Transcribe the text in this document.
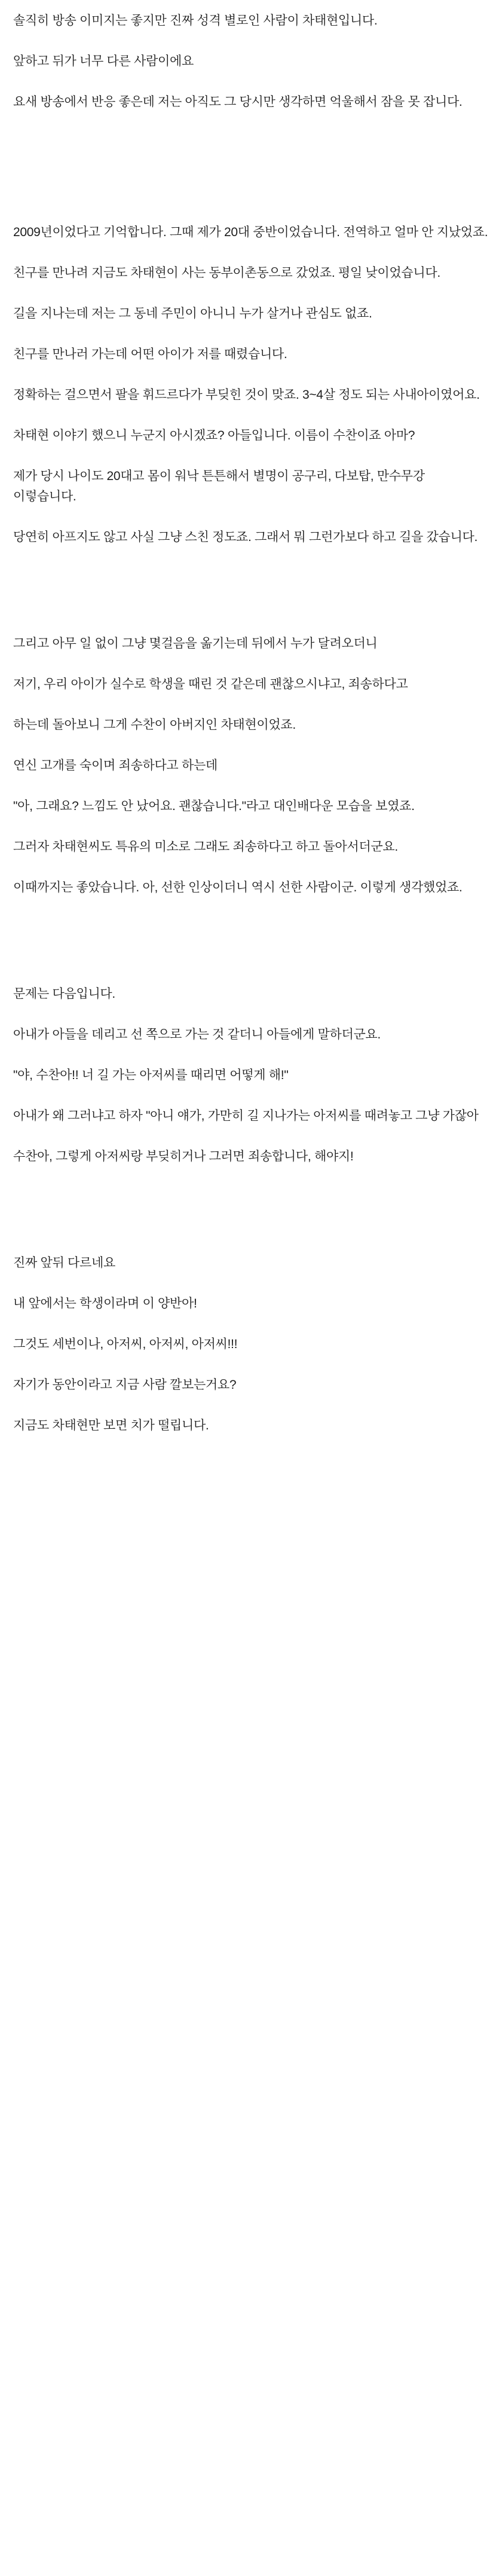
솔직히 방송 이미지는 좋지만 진짜 성격 별로인 사람이 차태현입니다.

앞하고 뒤가 너무 다른 사람이에요

요새 방송에서 반응 좋은데 저는 아직도 그 당시만 생각하면 억울해서 잠을 못 잡니다.

2009년이었다고 기억합니다. 그때 제가 20대 중반이었습니다. 전역하고 얼마 안 지났었죠.

친구를 만나려 지금도 차태현이 사는 동부이촌동으로 갔었죠. 평일 낮이었습니다.

길을 지나는데 저는 그 동네 주민이 아니니 누가 살거나 관심도 없죠.

친구를 만나러 가는데 어떤 아이가 저를 때렸습니다.

정확하는 걸으면서 팔을 휘드르다가 부딪힌 것이 맞죠. 3~4살 정도 되는 사내아이였어요.

차태현 이야기 했으니 누군지 아시겠죠? 아들입니다. 이름이 수찬이죠 아마?

제가 당시 나이도 20대고 몸이 워낙 튼튼해서 별명이 공구리, 다보탑, 만수무강 이렇습니다.

당연히 아프지도 않고 사실 그냥 스친 정도죠. 그래서 뭐 그런가보다 하고 길을 갔습니다.

그리고 아무 일 없이 그냥 몇걸음을 옮기는데 뒤에서 누가 달려오더니

저기, 우리 아이가 실수로 학생을 때린 것 같은데 괜찮으시냐고, 죄송하다고

하는데 돌아보니 그게 수찬이 아버지인 차태현이었죠.

연신 고개를 숙이며 죄송하다고 하는데

"아, 그래요? 느낌도 안 났어요. 괜찮습니다."라고 대인배다운 모습을 보였죠.

그러자 차태현씨도 특유의 미소로 그래도 죄송하다고 하고 돌아서더군요.

이때까지는 좋았습니다. 아, 선한 인상이더니 역시 선한 사람이군. 이렇게 생각했었죠.

문제는 다음입니다.

아내가 아들을 데리고 선 쪽으로 가는 것 같더니 아들에게 말하더군요.

"야, 수찬아!! 너 길 가는 아저씨를 때리면 어떻게 해!"

아내가 왜 그러냐고 하자 "아니 얘가, 가만히 길 지나가는 아저씨를 때려놓고 그냥 가잖아

수찬아, 그렇게 아저씨랑 부딪히거나 그러면 죄송합니다, 해야지!

진짜 앞뒤 다르네요

내 앞에서는 학생이라며 이 양반아!

그것도 세번이나, 아저씨, 아저씨, 아저씨!!!

자기가 동안이라고 지금 사람 깔보는거요?

지금도 차태현만 보면 치가 떨립니다.
